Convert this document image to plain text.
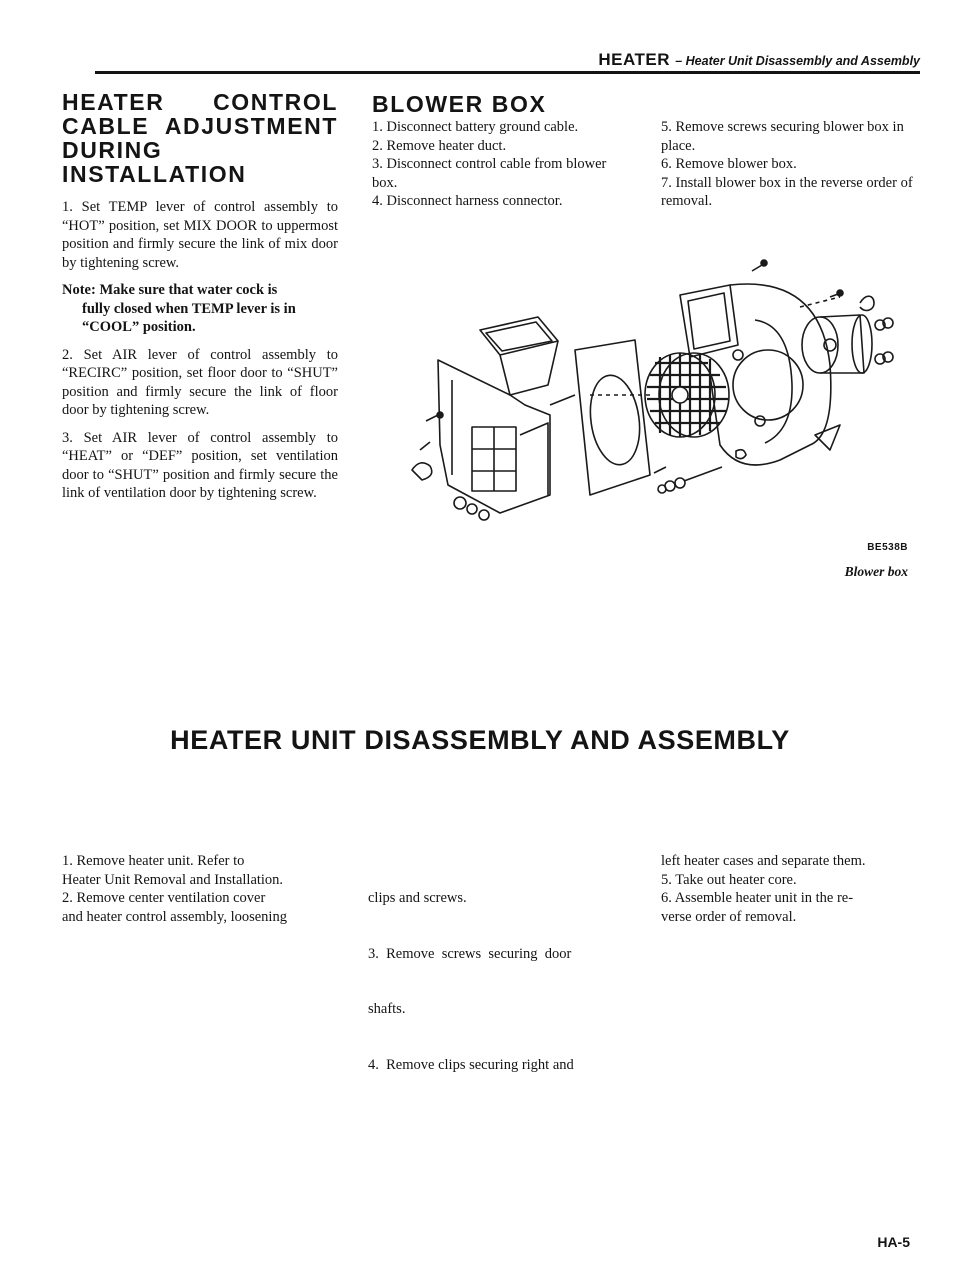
HEATER – Heater Unit Disassembly and Assembly
HEATER CONTROL CABLE ADJUSTMENT DURING INSTALLATION

1. Set TEMP lever of control assembly to “HOT” position, set MIX DOOR to uppermost position and firmly secure the link of mix door by tightening screw.

Note: Make sure that water cock is
fully closed when TEMP lever is in “COOL” position.

2. Set AIR lever of control assembly to “RECIRC” position, set floor door to “SHUT” position and firmly secure the link of floor door by tightening screw.

3. Set AIR lever of control assembly to “HEAT” or “DEF” position, set ventilation door to “SHUT” position and firmly secure the link of ventilation door by tightening screw.

BLOWER BOX

1. Disconnect battery ground cable.

2. Remove heater duct.

3. Disconnect control cable from blower box.

4. Disconnect harness connector.

5. Remove screws securing blower box in place.

6. Remove blower box.

7. Install blower box in the reverse order of removal.

BE538B
Blower box
HEATER UNIT DISASSEMBLY AND ASSEMBLY

1. Remove heater unit. Refer to

Heater Unit Removal and Installation.

2. Remove center ventilation cover

and heater control assembly, loosening

clips and screws.

3.  Remove  screws  securing  door

shafts.

4.  Remove clips securing right and

left heater cases and separate them.

5. Take out heater core.

6. Assemble heater unit in the re-

verse order of removal.

HA-5
